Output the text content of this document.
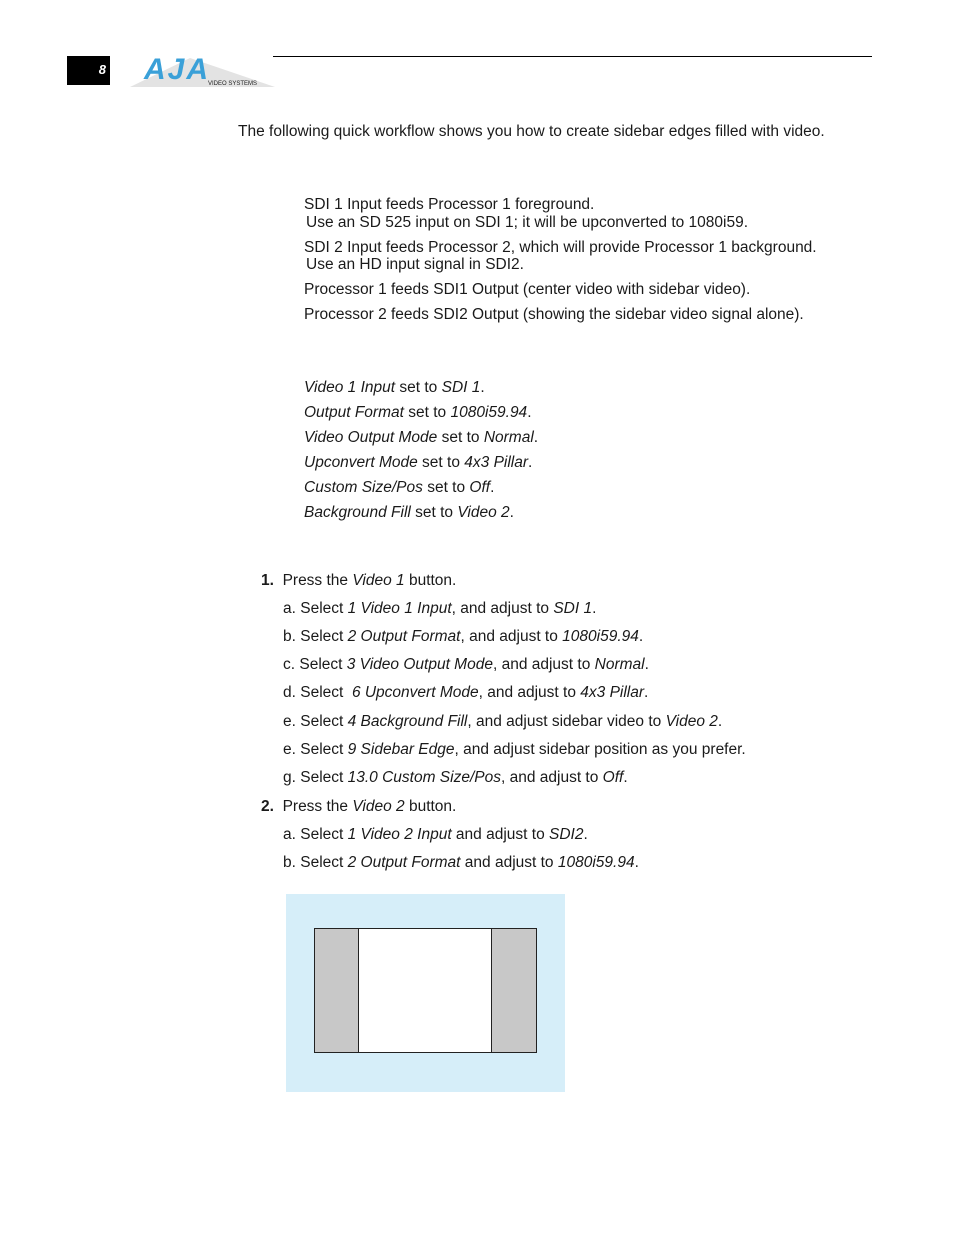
8 AJA
VIDEO SYSTEMS
The following quick workflow shows you how to create sidebar edges filled with video.
SDI 1 Input feeds Processor 1 foreground.
Use an SD 525 input on SDI 1; it will be upconverted to 1080i59.
SDI 2 Input feeds Processor 2, which will provide Processor 1 background.
Use an HD input signal in SDI2.
Processor 1 feeds SDI1 Output (center video with sidebar video).
Processor 2 feeds SDI2 Output (showing the sidebar video signal alone).
Video 1 Input set to SDI 1.
Output Format set to 1080i59.94.
Video Output Mode set to Normal.
Upconvert Mode set to 4x3 Pillar.
Custom Size/Pos set to Off.
Background Fill set to Video 2.
1. Press the Video 1 button.
a. Select 1 Video 1 Input, and adjust to SDI 1.
b. Select 2 Output Format, and adjust to 1080i59.94.
c. Select 3 Video Output Mode, and adjust to Normal.
d. Select  6 Upconvert Mode, and adjust to 4x3 Pillar.
e. Select 4 Background Fill, and adjust sidebar video to Video 2.
e. Select 9 Sidebar Edge, and adjust sidebar position as you prefer.
g. Select 13.0 Custom Size/Pos, and adjust to Off.
2. Press the Video 2 button.
a. Select 1 Video 2 Input and adjust to SDI2.
b. Select 2 Output Format and adjust to 1080i59.94.
